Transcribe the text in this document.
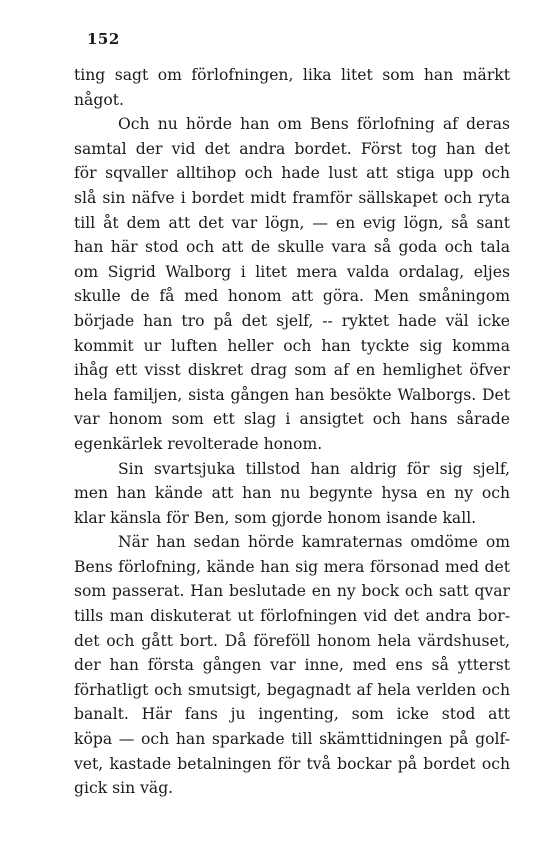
152
ting sagt om förlofningen, lika litet som han märkt
något.
Och nu hörde han om Bens förlofning af deras
samtal der vid det andra bordet. Först tog han det
för sqvaller alltihop och hade lust att stiga upp och
slå sin näfve i bordet midt framför sällskapet och ryta
till åt dem att det var lögn, — en evig lögn, så sant
han här stod och att de skulle vara så goda och tala
om Sigrid Walborg i litet mera valda ordalag, eljes
skulle de få med honom att göra. Men småningom
började han tro på det sjelf, -- ryktet hade väl icke
kommit ur luften heller och han tyckte sig komma
ihåg ett visst diskret drag som af en hemlighet öfver
hela familjen, sista gången han besökte Walborgs. Det
var honom som ett slag i ansigtet och hans sårade
egenkärlek revolterade honom.
Sin svartsjuka tillstod han aldrig för sig sjelf,
men han kände att han nu begynte hysa en ny och
klar känsla för Ben, som gjorde honom isande kall.
När han sedan hörde kamraternas omdöme om
Bens förlofning, kände han sig mera försonad med det
som passerat. Han beslutade en ny bock och satt qvar
tills man diskuterat ut förlofningen vid det andra bor-
det och gått bort. Då föreföll honom hela värdshuset,
der han första gången var inne, med ens så ytterst
förhatligt och smutsigt, begagnadt af hela verlden och
banalt. Här fans ju ingenting, som icke stod att
köpa — och han sparkade till skämttidningen på golf-
vet, kastade betalningen för två bockar på bordet och
gick sin väg.
